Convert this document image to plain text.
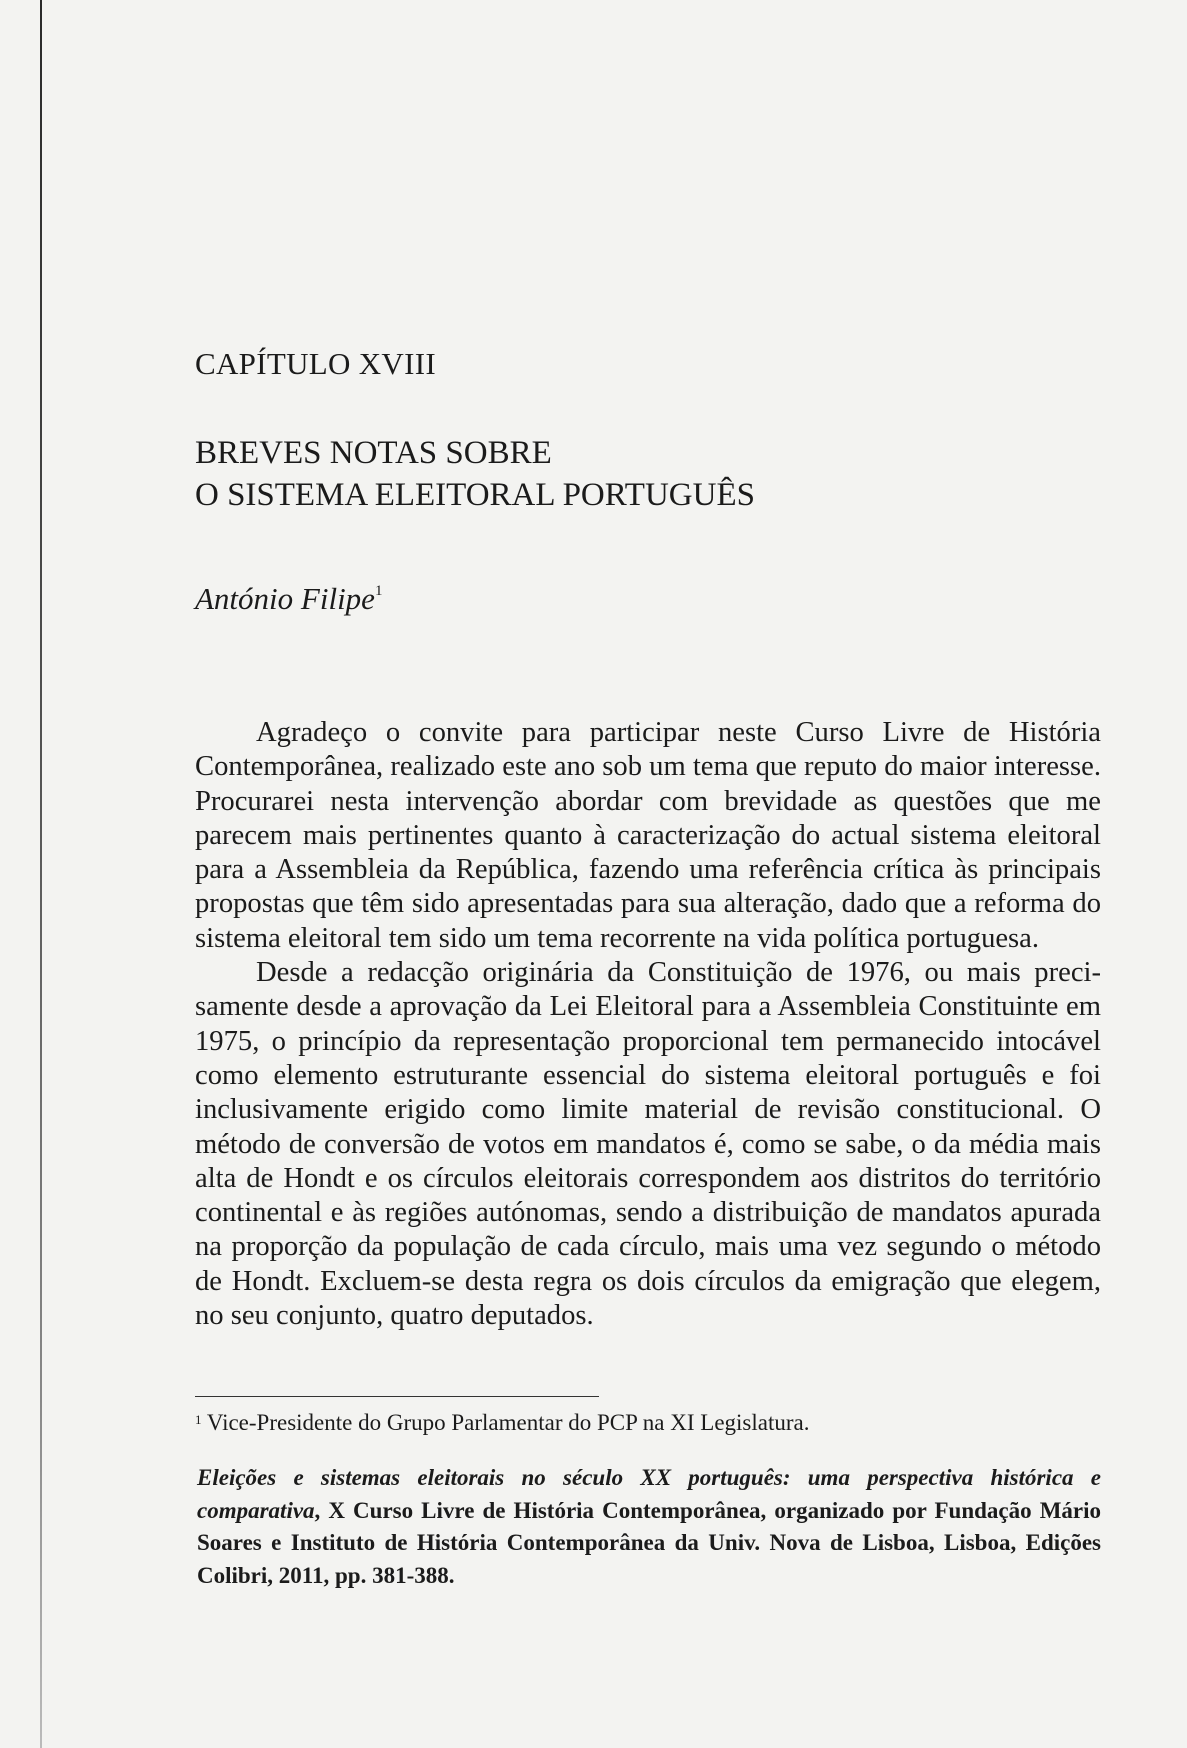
CAPÍTULO XVIII
BREVES NOTAS SOBRE
O SISTEMA ELEITORAL PORTUGUÊS
António Filipe$^1$

Agradeço o convite para participar neste Curso Livre de História Contemporânea, realizado este ano sob um tema que reputo do maior interesse. Procurarei nesta intervenção abordar com brevidade as questões que me parecem mais pertinentes quanto à caracterização do actual sistema eleitoral para a Assembleia da República, fazendo uma referência crítica às principais propostas que têm sido apresentadas para sua alteração, dado que a reforma do sistema eleitoral tem sido um tema recorrente na vida política portuguesa.

Desde a redacção originária da Constituição de 1976, ou mais precisamente desde a aprovação da Lei Eleitoral para a Assembleia Constituinte em 1975, o princípio da representação proporcional tem permanecido intocável como elemento estruturante essencial do sistema eleitoral português e foi inclusivamente erigido como limite material de revisão constitucional. O método de conversão de votos em mandatos é, como se sabe, o da média mais alta de Hondt e os círculos eleitorais correspondem aos distritos do território continental e às regiões autónomas, sendo a distribuição de mandatos apurada na proporção da população de cada círculo, mais uma vez segundo o método de Hondt. Excluem-se desta regra os dois círculos da emigração que elegem, no seu conjunto, quatro deputados.

$^1$ Vice-Presidente do Grupo Parlamentar do PCP na XI Legislatura.
Eleições e sistemas eleitorais no século XX português: uma perspectiva histórica e comparativa, X Curso Livre de História Contemporânea, organizado por Fundação Mário Soares e Instituto de História Contemporânea da Univ. Nova de Lisboa, Lisboa, Edições Colibri, 2011, pp. 381-388.
